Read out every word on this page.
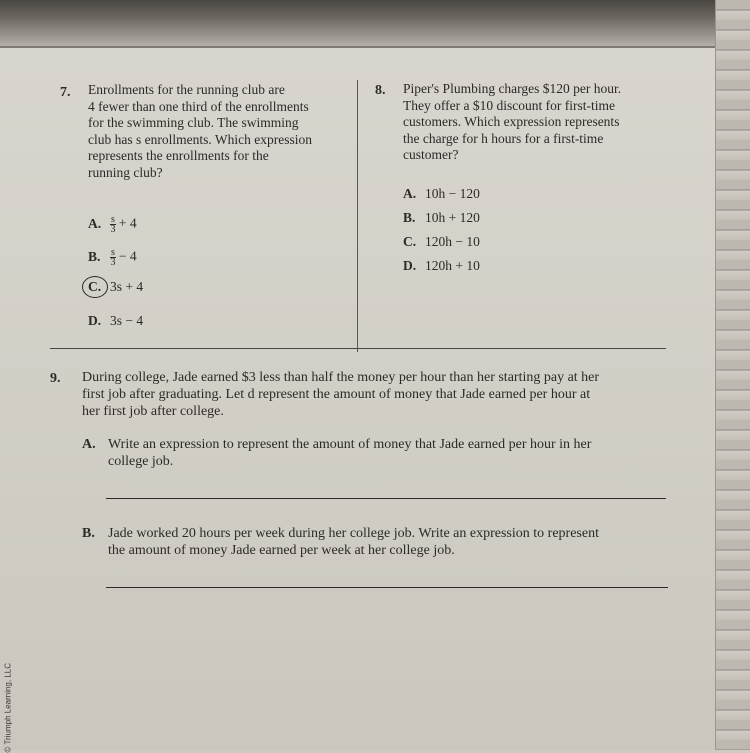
7. Enrollments for the running club are
4 fewer than one third of the enrollments
for the swimming club. The swimming
club has s enrollments. Which expression
represents the enrollments for the
running club?
A. $\frac{s}{3} + 4$
B. $\frac{s}{3} - 4$
C. 3s + 4
D. 3s − 4
8. Piper's Plumbing charges $120 per hour.
They offer a $10 discount for first-time
customers. Which expression represents
the charge for h hours for a first-time
customer?
A. 10h − 120
B. 10h + 120
C. 120h − 10
D. 120h + 10
9. During college, Jade earned $3 less than half the money per hour than her starting pay at her
first job after graduating. Let d represent the amount of money that Jade earned per hour at
her first job after college.
A. Write an expression to represent the amount of money that Jade earned per hour in her
college job.
B. Jade worked 20 hours per week during her college job. Write an expression to represent
the amount of money Jade earned per week at her college job.
© Triumph Learning, LLC
